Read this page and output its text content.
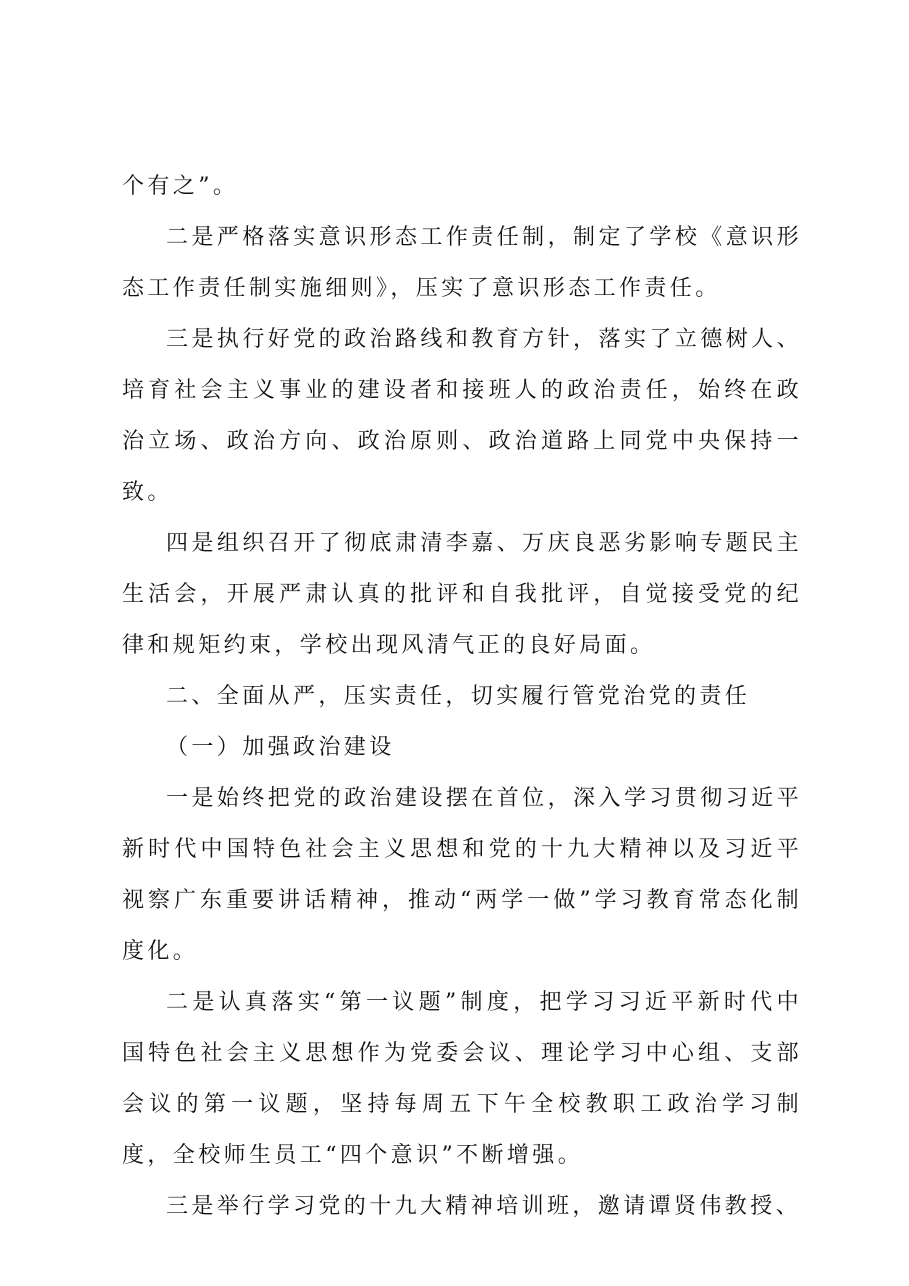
个有之”。

二是严格落实意识形态工作责任制，制定了学校《意识形态工作责任制实施细则》，压实了意识形态工作责任。

三是执行好党的政治路线和教育方针，落实了立德树人、培育社会主义事业的建设者和接班人的政治责任，始终在政治立场、政治方向、政治原则、政治道路上同党中央保持一致。

四是组织召开了彻底肃清李嘉、万庆良恶劣影响专题民主生活会，开展严肃认真的批评和自我批评，自觉接受党的纪律和规矩约束，学校出现风清气正的良好局面。

二、全面从严，压实责任，切实履行管党治党的责任

（一）加强政治建设

一是始终把党的政治建设摆在首位，深入学习贯彻习近平新时代中国特色社会主义思想和党的十九大精神以及习近平视察广东重要讲话精神，推动“两学一做”学习教育常态化制度化。

二是认真落实“第一议题”制度，把学习习近平新时代中国特色社会主义思想作为党委会议、理论学习中心组、支部会议的第一议题，坚持每周五下午全校教职工政治学习制度，全校师生员工“四个意识”不断增强。

三是举行学习党的十九大精神培训班，邀请谭贤伟教授、
